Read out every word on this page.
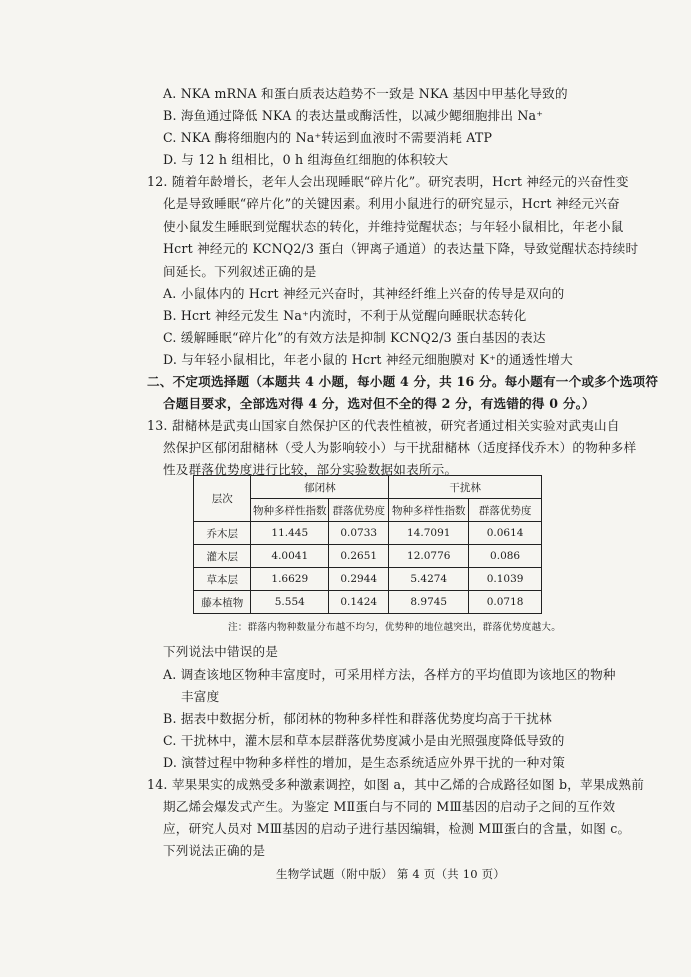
A. NKA mRNA 和蛋白质表达趋势不一致是 NKA 基因中甲基化导致的
B. 海鱼通过降低 NKA 的表达量或酶活性，以减少鳃细胞排出 Na⁺
C. NKA 酶将细胞内的 Na⁺转运到血液时不需要消耗 ATP
D. 与 12 h 组相比，0 h 组海鱼红细胞的体积较大
12. 随着年龄增长，老年人会出现睡眠“碎片化”。研究表明，Hcrt 神经元的兴奋性变
化是导致睡眠“碎片化”的关键因素。利用小鼠进行的研究显示，Hcrt 神经元兴奋
使小鼠发生睡眠到觉醒状态的转化，并维持觉醒状态；与年轻小鼠相比，年老小鼠
Hcrt 神经元的 KCNQ2/3 蛋白（钾离子通道）的表达量下降，导致觉醒状态持续时
间延长。下列叙述正确的是
A. 小鼠体内的 Hcrt 神经元兴奋时，其神经纤维上兴奋的传导是双向的
B. Hcrt 神经元发生 Na⁺内流时，不利于从觉醒向睡眠状态转化
C. 缓解睡眠“碎片化”的有效方法是抑制 KCNQ2/3 蛋白基因的表达
D. 与年轻小鼠相比，年老小鼠的 Hcrt 神经元细胞膜对 K⁺的通透性增大
二、不定项选择题（本题共 4 小题，每小题 4 分，共 16 分。每小题有一个或多个选项符
合题目要求，全部选对得 4 分，选对但不全的得 2 分，有选错的得 0 分。）
13. 甜槠林是武夷山国家自然保护区的代表性植被，研究者通过相关实验对武夷山自
然保护区郁闭甜槠林（受人为影响较小）与干扰甜槠林（适度择伐乔木）的物种多样
性及群落优势度进行比较，部分实验数据如表所示。
层次	郁闭林		干扰林	
	物种多样性指数	群落优势度	物种多样性指数	群落优势度
乔木层	11.445	0.0733	14.7091	0.0614
灌木层	4.0041	0.2651	12.0776	0.086
草本层	1.6629	0.2944	5.4274	0.1039
藤本植物	5.554	0.1424	8.9745	0.0718
注：群落内物种数量分布越不均匀，优势种的地位越突出，群落优势度越大。
下列说法中错误的是
A. 调查该地区物种丰富度时，可采用样方法，各样方的平均值即为该地区的物种
丰富度
B. 据表中数据分析，郁闭林的物种多样性和群落优势度均高于干扰林
C. 干扰林中，灌木层和草本层群落优势度减小是由光照强度降低导致的
D. 演替过程中物种多样性的增加，是生态系统适应外界干扰的一种对策
14. 苹果果实的成熟受多种激素调控，如图 a，其中乙烯的合成路径如图 b，苹果成熟前
期乙烯会爆发式产生。为鉴定 MⅡ蛋白与不同的 MⅢ基因的启动子之间的互作效
应，研究人员对 MⅢ基因的启动子进行基因编辑，检测 MⅢ蛋白的含量，如图 c。
下列说法正确的是
生物学试题（附中版） 第 4 页（共 10 页）
